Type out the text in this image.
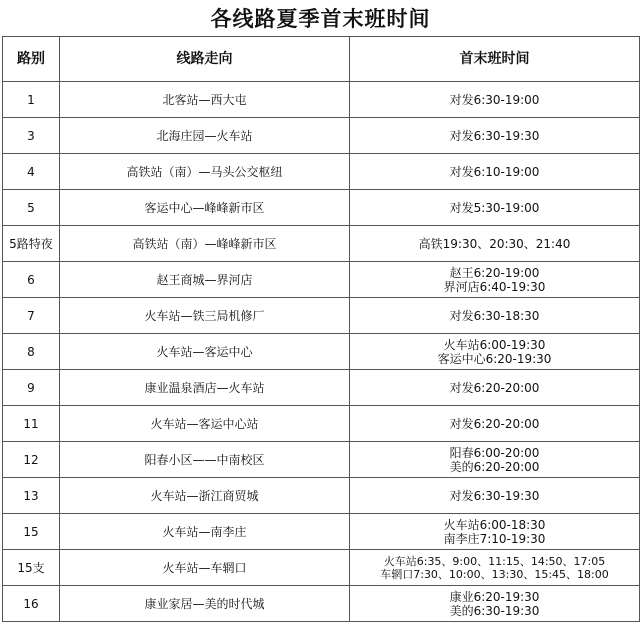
各线路夏季首末班时间
路别	线路走向	首末班时间
1	北客站—西大屯	对发6:30-19:00

3	北海庄园—火车站	对发6:30-19:30

4	高铁站（南）—马头公交枢纽	对发6:10-19:00

5	客运中心—峰峰新市区	对发5:30-19:00

5路特夜	高铁站（南）—峰峰新市区	高铁19:30、20:30、21:40

6	赵王商城—界河店	赵王6:20-19:00
界河店6:40-19:30

7	火车站—铁三局机修厂	对发6:30-18:30

8	火车站—客运中心	火车站6:00-19:30
客运中心6:20-19:30

9	康业温泉酒店—火车站	对发6:20-20:00

11	火车站—客运中心站	对发6:20-20:00

12	阳春小区——中南校区	阳春6:00-20:00
美的6:20-20:00

13	火车站—浙江商贸城	对发6:30-19:30

15	火车站—南李庄	火车站6:00-18:30
南李庄7:10-19:30

15支	火车站—车辋口	火车站6:35、9:00、11:15、14:50、17:05
车辋口7:30、10:00、13:30、15:45、18:00

16	康业家居—美的时代城	康业6:20-19:30
美的6:30-19:30
